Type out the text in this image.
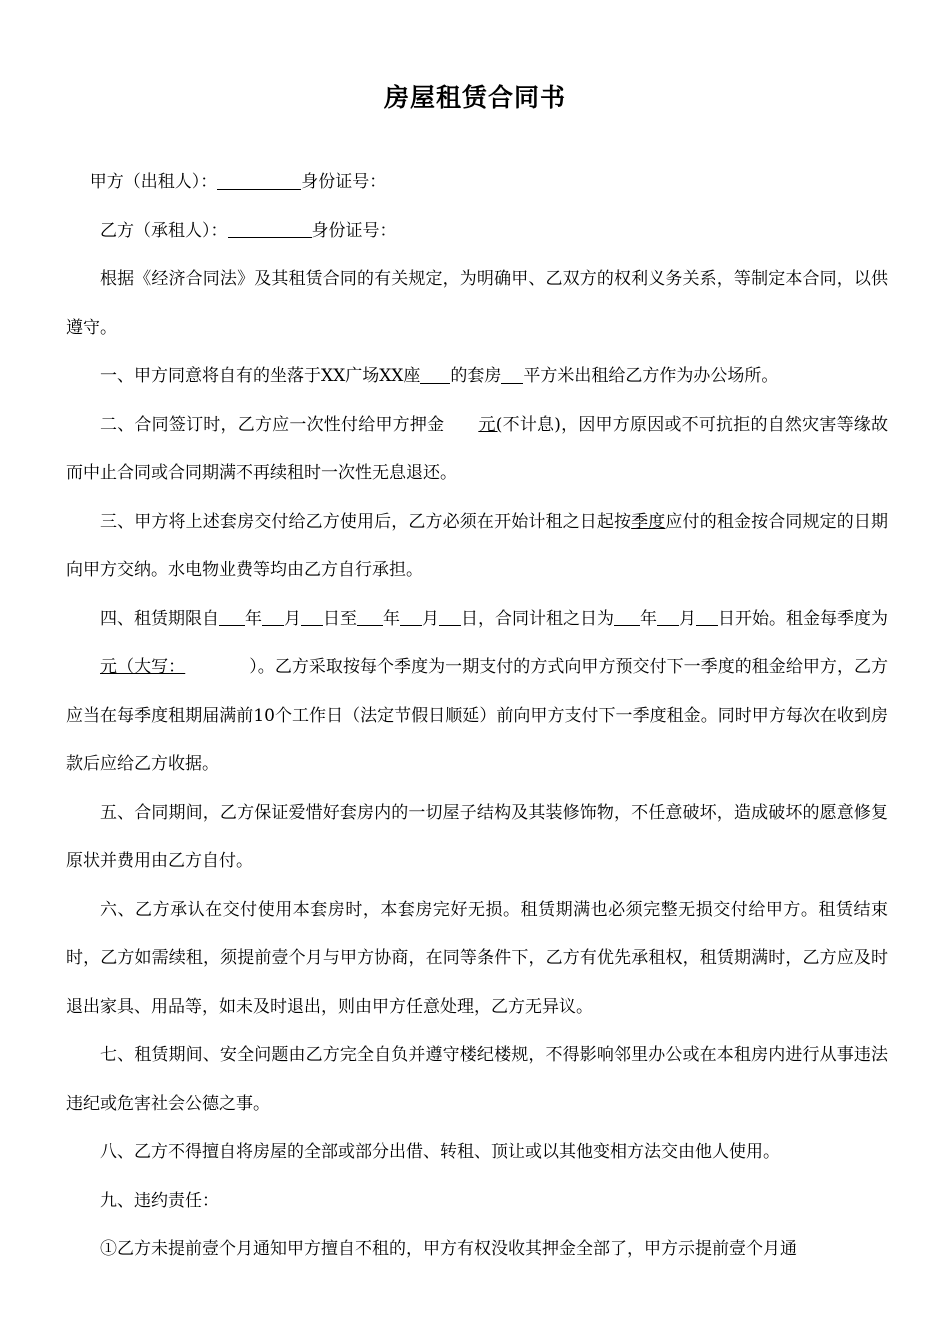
房屋租赁合同书

甲方（出租人）：	身份证号：

乙方（承租人）：	身份证号：

根据《经济合同法》及其租赁合同的有关规定，为明确甲、乙双方的权利义务关系，等制定本合同，以供遵守。

一、甲方同意将自有的坐落于XX广场XX座 的套房 平方米出租给乙方作为办公场所。

二、合同签订时，乙方应一次性付给甲方押金 元(不计息)，因甲方原因或不可抗拒的自然灾害等缘故而中止合同或合同期满不再续租时一次性无息退还。

三、甲方将上述套房交付给乙方使用后，乙方必须在开始计租之日起按季度应付的租金按合同规定的日期向甲方交纳。水电物业费等均由乙方自行承担。

四、租赁期限自 年 月 日至 年 月 日，合同计租之日为 年 月 日开始。租金每季度为元（大写：	）。乙方采取按每个季度为一期支付的方式向甲方预交付下一季度的租金给甲方，乙方应当在每季度租期届满前10个工作日（法定节假日顺延）前向甲方支付下一季度租金。同时甲方每次在收到房款后应给乙方收据。

五、合同期间，乙方保证爱惜好套房内的一切屋子结构及其装修饰物，不任意破坏，造成破坏的愿意修复原状并费用由乙方自付。

六、乙方承认在交付使用本套房时，本套房完好无损。租赁期满也必须完整无损交付给甲方。租赁结束时，乙方如需续租，须提前壹个月与甲方协商，在同等条件下，乙方有优先承租权，租赁期满时，乙方应及时退出家具、用品等，如未及时退出，则由甲方任意处理，乙方无异议。

七、租赁期间、安全问题由乙方完全自负并遵守楼纪楼规，不得影响邻里办公或在本租房内进行从事违法违纪或危害社会公德之事。

八、乙方不得擅自将房屋的全部或部分出借、转租、顶让或以其他变相方法交由他人使用。

九、违约责任：

①乙方未提前壹个月通知甲方擅自不租的，甲方有权没收其押金全部了，甲方示提前壹个月通
